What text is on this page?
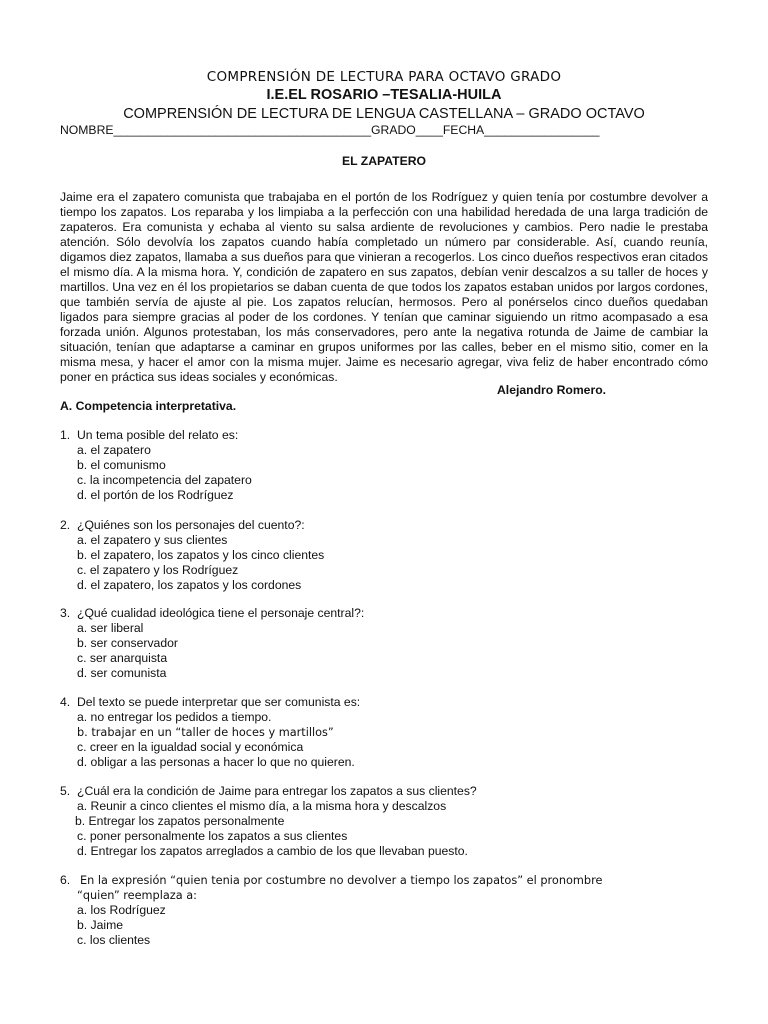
COMPRENSIÓN DE LECTURA PARA OCTAVO GRADO
I.E.EL ROSARIO –TESALIA-HUILA
COMPRENSIÓN DE LECTURA DE LENGUA CASTELLANA – GRADO OCTAVO
NOMBRE______________________________________GRADO____FECHA_________________
EL ZAPATERO

Jaime era el zapatero comunista que trabajaba en el portón de los Rodríguez y quien tenía por costumbre devolver a tiempo los zapatos. Los reparaba y los limpiaba a la perfección con una habilidad heredada de una larga tradición de zapateros. Era comunista y echaba al viento su salsa ardiente de revoluciones y cambios. Pero nadie le prestaba atención. Sólo devolvía los zapatos cuando había completado un número par considerable. Así, cuando reunía, digamos diez zapatos, llamaba a sus dueños para que vinieran a recogerlos. Los cinco dueños respectivos eran citados el mismo día. A la misma hora. Y, condición de zapatero en sus zapatos, debían venir descalzos a su taller de hoces y martillos. Una vez en él los propietarios se daban cuenta de que todos los zapatos estaban unidos por largos cordones, que también servía de ajuste al pie. Los zapatos relucían, hermosos. Pero al ponérselos cinco dueños quedaban ligados para siempre gracias al poder de los cordones. Y tenían que caminar siguiendo un ritmo acompasado a esa forzada unión. Algunos protestaban, los más conservadores, pero ante la negativa rotunda de Jaime de cambiar la situación, tenían que adaptarse a caminar en grupos uniformes por las calles, beber en el mismo sitio, comer en la misma mesa, y hacer el amor con la misma mujer. Jaime es necesario agregar, viva feliz de haber encontrado cómo poner en práctica sus ideas sociales y económicas.

Alejandro Romero.
A. Competencia interpretativa.
1. Un tema posible del relato es:
a. el zapatero
b. el comunismo
c. la incompetencia del zapatero
d. el portón de los Rodríguez
2. ¿Quiénes son los personajes del cuento?:
a. el zapatero y sus clientes
b. el zapatero, los zapatos y los cinco clientes
c. el zapatero y los Rodríguez
d. el zapatero, los zapatos y los cordones
3. ¿Qué cualidad ideológica tiene el personaje central?:
a. ser liberal
b. ser conservador
c. ser anarquista
d. ser comunista
4. Del texto se puede interpretar que ser comunista es:
a. no entregar los pedidos a tiempo.
b. trabajar en un “taller de hoces y martillos”
c. creer en la igualdad social y económica
d. obligar a las personas a hacer lo que no quieren.
5. ¿Cuál era la condición de Jaime para entregar los zapatos a sus clientes?
a. Reunir a cinco clientes el mismo día, a la misma hora y descalzos
b. Entregar los zapatos personalmente
c. poner personalmente los zapatos a sus clientes
d. Entregar los zapatos arreglados a cambio de los que llevaban puesto.
6. En la expresión “quien tenia por costumbre no devolver a tiempo los zapatos” el pronombre
“quien” reemplaza a:
a. los Rodríguez
b. Jaime
c. los clientes
